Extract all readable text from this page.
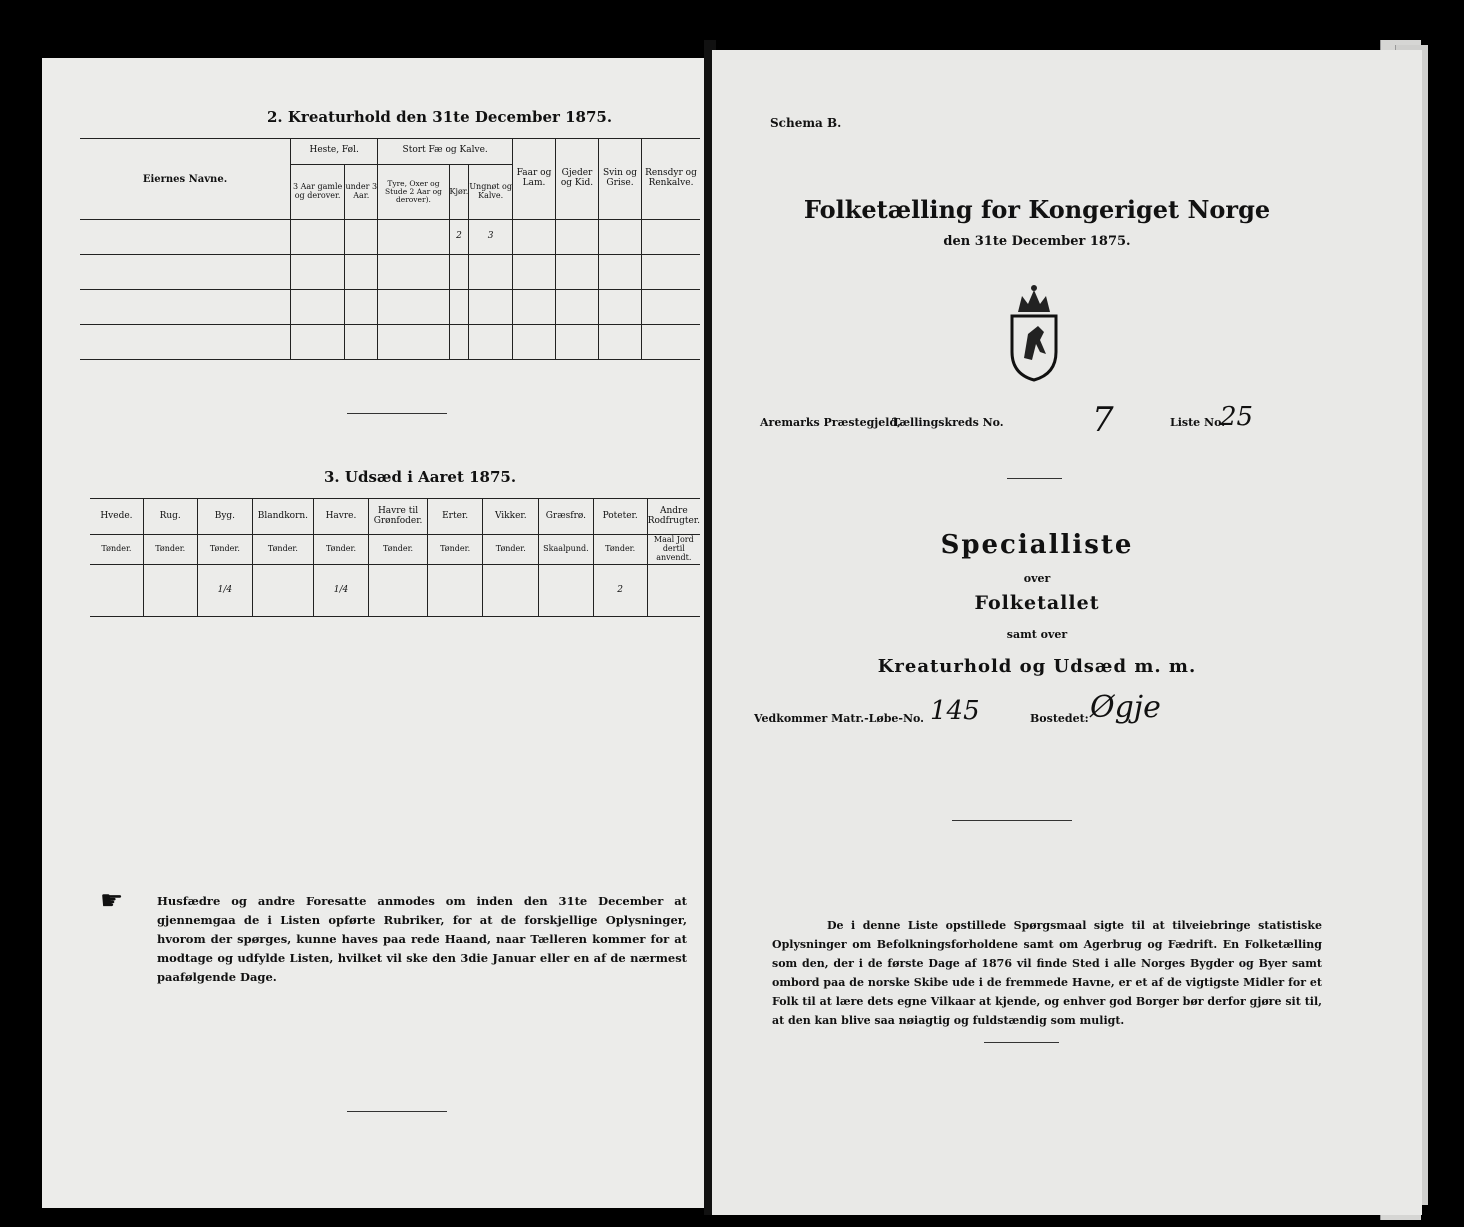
2. Kreaturhold den 31te December 1875.
Eiernes Navne.	Heste, Føl.		Stort Fæ og Kalve.			Faar og Lam.	Gjeder og Kid.	Svin og Grise.	Rensdyr og Renkalve.
	3 Aar gamle og derover.	under 3 Aar.	Tyre, Oxer og Stude 2 Aar og derover).	Kjør.	Ungnøt og Kalve.				
				2	3				

3. Udsæd i Aaret 1875.
Hvede.	Rug.	Byg.	Blandkorn.	Havre.	Havre til Grønfoder.	Erter.	Vikker.	Græsfrø.	Poteter.	Andre Rodfrugter.
Tønder.	Tønder.	Tønder.	Tønder.	Tønder.	Tønder.	Tønder.	Tønder.	Skaalpund.	Tønder.	Maal Jord dertil anvendt.
		1/4		1/4					2	
☛	Husfædre og andre Foresatte anmodes om inden den 31te December at gjennemgaa de i Listen opførte Rubriker, for at de forskjellige Oplysninger, hvorom der spørges, kunne haves paa rede Haand, naar Tælleren kommer for at modtage og udfylde Listen, hvilket vil ske den 3die Januar eller en af de nærmest paafølgende Dage.
Schema B.
Folketælling for Kongeriget Norge
den 31te December 1875.
Aremarks Præstegjeld,
Tællingskreds No.	7	Liste No.
25
Specialliste
over
Folketallet
samt over
Kreaturhold og Udsæd m. m.
Vedkommer Matr.-Løbe-No. 145	Bostedet: Øgje
De i denne Liste opstillede Spørgsmaal sigte til at tilveiebringe statistiske Oplysninger om Befolkningsforholdene samt om Agerbrug og Fædrift. En Folketælling som den, der i de første Dage af 1876 vil finde Sted i alle Norges Bygder og Byer samt ombord paa de norske Skibe ude i de fremmede Havne, er et af de vigtigste Midler for et Folk til at lære dets egne Vilkaar at kjende, og enhver god Borger bør derfor gjøre sit til, at den kan blive saa nøiagtig og fuldstændig som muligt.
